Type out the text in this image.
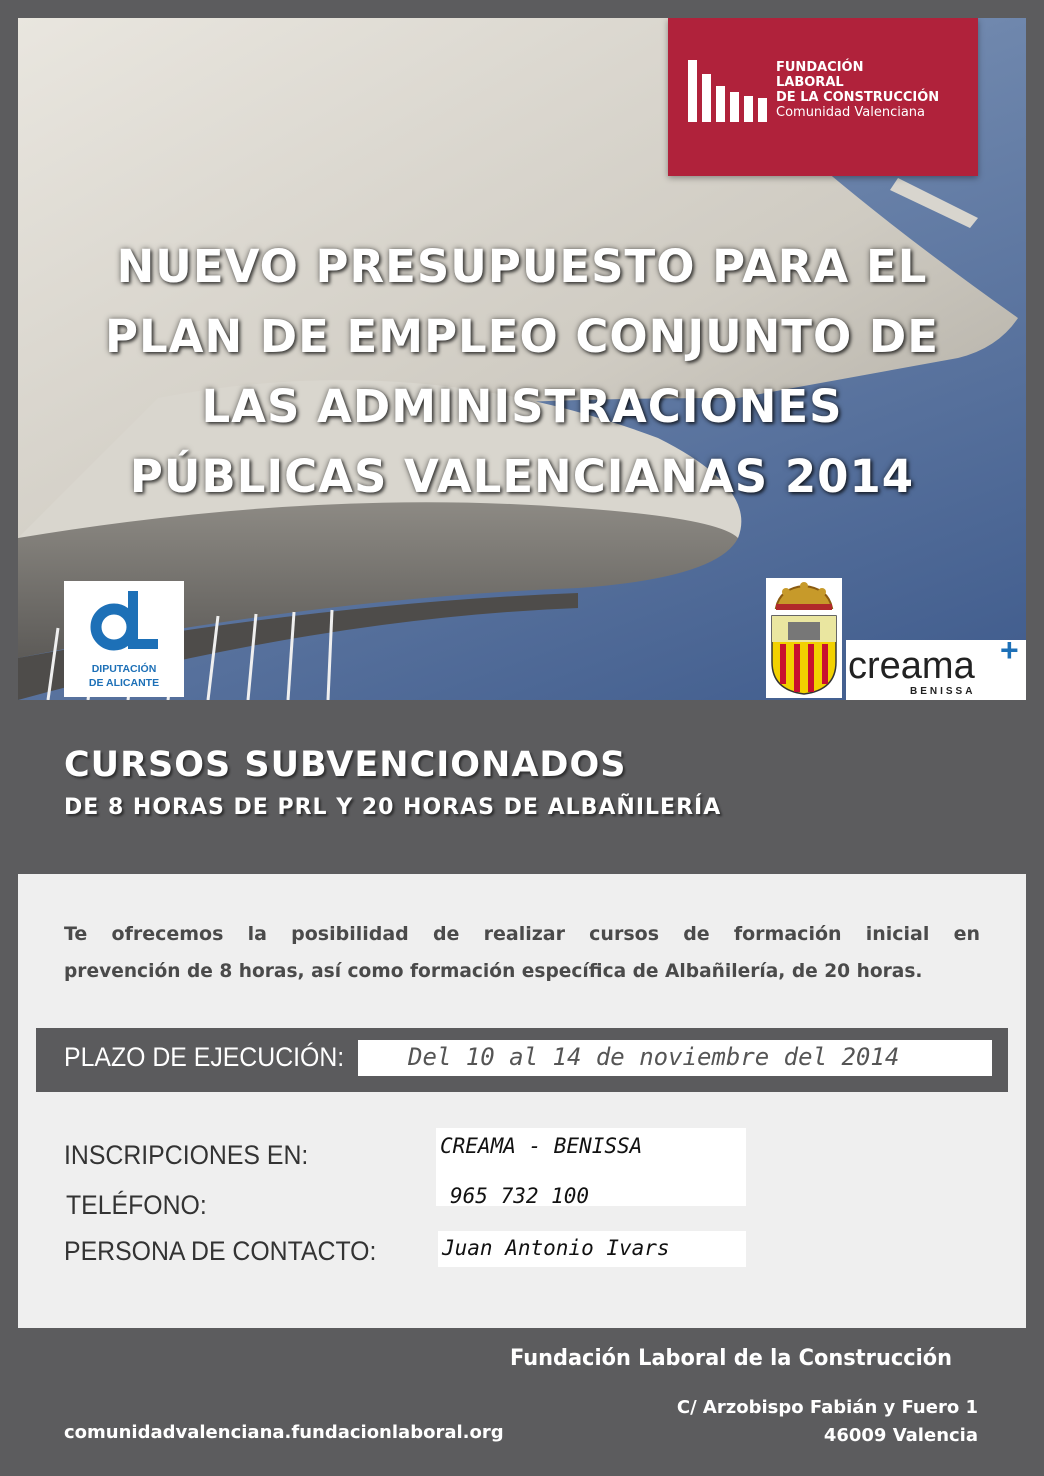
NUEVO PRESUPUESTO PARA EL
PLAN DE EMPLEO CONJUNTO DE
LAS ADMINISTRACIONES
PÚBLICAS VALENCIANAS 2014
FUNDACIÓN
LABORAL
DE LA CONSTRUCCIÓN
Comunidad Valenciana
DIPUTACIÓN
DE ALICANTE	creama +
BENISSA
CURSOS SUBVENCIONADOS
DE 8 HORAS DE PRL Y 20 HORAS DE ALBAÑILERÍA
Te ofrecemos la posibilidad de realizar cursos de formación inicial en
prevención de 8 horas, así como formación específica de Albañilería, de 20 horas.
PLAZO DE EJECUCIÓN:	Del 10 al 14 de noviembre del 2014
INSCRIPCIONES EN:	CREAMA - BENISSA
TELÉFONO:	965 732 100
PERSONA DE CONTACTO:	Juan Antonio Ivars
Fundación Laboral de la Construcción
C/ Arzobispo Fabián y Fuero 1
46009 Valencia
comunidadvalenciana.fundacionlaboral.org
